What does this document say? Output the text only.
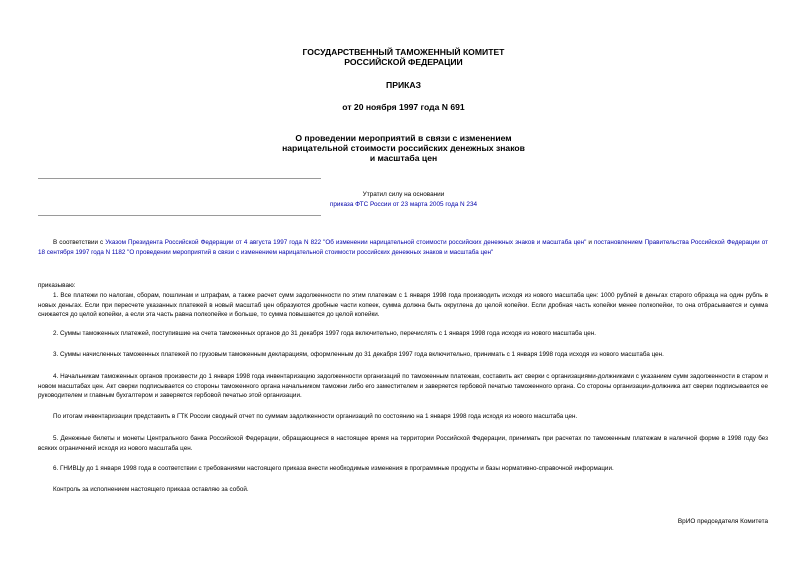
ГОСУДАРСТВЕННЫЙ ТАМОЖЕННЫЙ КОМИТЕТ
РОССИЙСКОЙ ФЕДЕРАЦИИ
ПРИКАЗ
от 20 ноября 1997 года N 691
О проведении мероприятий в связи с изменением
нарицательной стоимости российских денежных знаков
и масштаба цен
Утратил силу на основании
приказа ФТС России от 23 марта 2005 года N 234
В соответствии с Указом Президента Российской Федерации от 4 августа 1997 года N 822 "Об изменении нарицательной стоимости российских денежных знаков и масштаба цен" и постановлением Правительства Российской Федерации от 18 сентября 1997 года N 1182 "О проведении мероприятий в связи с изменением нарицательной стоимости российских денежных знаков и масштаба цен"
приказываю:
1. Все платежи по налогам, сборам, пошлинам и штрафам, а также расчет сумм задолженности по этим платежам с 1 января 1998 года производить исходя из нового масштаба цен: 1000 рублей в деньгах старого образца на один рубль в новых деньгах. Если при пересчете указанных платежей в новый масштаб цен образуются дробные части копеек, сумма должна быть округлена до целой копейки. Если дробная часть копейки менее полкопейки, то она отбрасывается и сумма снижается до целой копейки, а если эта часть равна полкопейке и больше, то сумма повышается до целой копейки.
2. Суммы таможенных платежей, поступившие на счета таможенных органов до 31 декабря 1997 года включительно, перечислять с 1 января 1998 года исходя из нового масштаба цен.
3. Суммы начисленных таможенных платежей по грузовым таможенным декларациям, оформленным до 31 декабря 1997 года включительно, принимать с 1 января 1998 года исходя из нового масштаба цен.
4. Начальникам таможенных органов произвести до 1 января 1998 года инвентаризацию задолженности организаций по таможенным платежам, составить акт сверки с организациями-должниками с указанием сумм задолженности в старом и новом масштабах цен. Акт сверки подписывается со стороны таможенного органа начальником таможни либо его заместителем и заверяется гербовой печатью таможенного органа. Со стороны организации-должника акт сверки подписывается ее руководителем и главным бухгалтером и заверяется гербовой печатью этой организации.
По итогам инвентаризации представить в ГТК России сводный отчет по суммам задолженности организаций по состоянию на 1 января 1998 года исходя из нового масштаба цен.
5. Денежные билеты и монеты Центрального банка Российской Федерации, обращающиеся в настоящее время на территории Российской Федерации, принимать при расчетах по таможенным платежам в наличной форме в 1998 году без всяких ограничений исходя из нового масштаба цен.
6. ГНИВЦу до 1 января 1998 года в соответствии с требованиями настоящего приказа внести необходимые изменения в программные продукты и базы нормативно-справочной информации.
Контроль за исполнением настоящего приказа оставляю за собой.
ВрИО председателя Комитета
